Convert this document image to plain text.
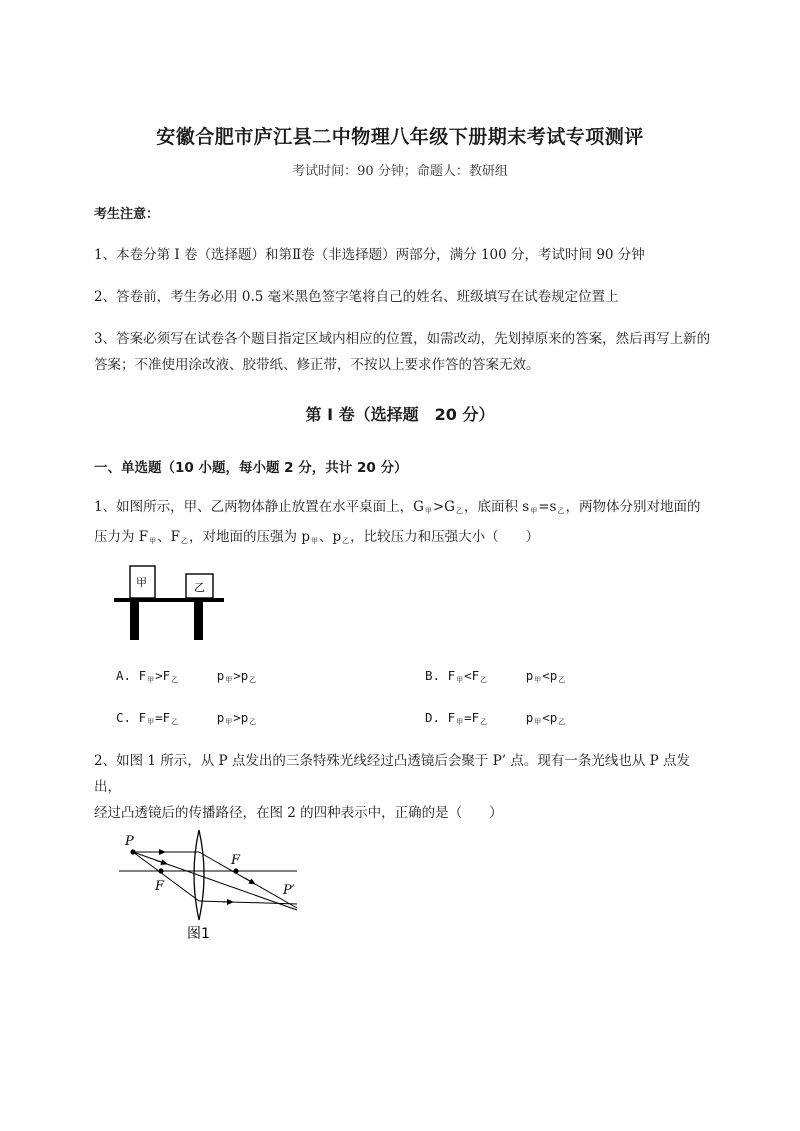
安徽合肥市庐江县二中物理八年级下册期末考试专项测评
考试时间：90 分钟；命题人：教研组
考生注意：
1、本卷分第 I 卷（选择题）和第Ⅱ卷（非选择题）两部分，满分 100 分，考试时间 90 分钟
2、答卷前，考生务必用 0.5 毫米黑色签字笔将自己的姓名、班级填写在试卷规定位置上
3、答案必须写在试卷各个题目指定区域内相应的位置，如需改动，先划掉原来的答案，然后再写上新的答案；不准使用涂改液、胶带纸、修正带，不按以上要求作答的答案无效。
第 I 卷（选择题　20 分）
一、单选题（10 小题，每小题 2 分，共计 20 分）
1、如图所示，甲、乙两物体静止放置在水平桌面上，$G_甲>G_乙$，底面积 $s_甲=s_乙$，两物体分别对地面的
压力为 $F_甲$、$F_乙$，对地面的压强为 $p_甲$、$p_乙$，比较压力和压强大小（　　）
甲	乙
A. $F_甲>F_乙$	$p_甲>p_乙$	B. $F_甲<F_乙$	$p_甲<p_乙$
C. $F_甲=F_乙$	$p_甲>p_乙$	D. $F_甲=F_乙$	$p_甲<p_乙$
2、如图 1 所示，从 P 点发出的三条特殊光线经过凸透镜后会聚于 P’ 点。现有一条光线也从 P 点发出，
经过凸透镜后的传播路径，在图 2 的四种表示中，正确的是（　　）
P
F
F
P′
图1
